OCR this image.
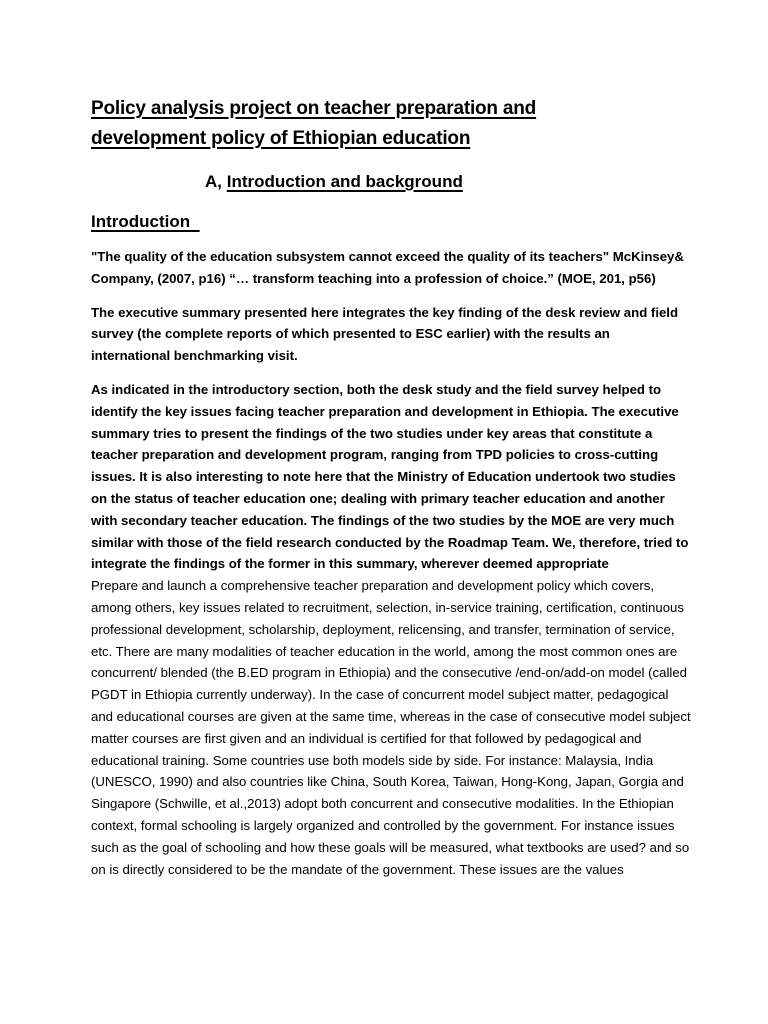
Policy analysis project on teacher preparation and
development policy of Ethiopian education
A, Introduction and background
Introduction

"The quality of the education subsystem cannot exceed the quality of its teachers" McKinsey& Company, (2007, p16) “… transform teaching into a profession of choice.” (MOE, 201, p56)

The executive summary presented here integrates the key finding of the desk review and field survey (the complete reports of which presented to ESC earlier) with the results an international benchmarking visit.

As indicated in the introductory section, both the desk study and the field survey helped to identify the key issues facing teacher preparation and development in Ethiopia. The executive summary tries to present the findings of the two studies under key areas that constitute a teacher preparation and development program, ranging from TPD policies to cross-cutting issues. It is also interesting to note here that the Ministry of Education undertook two studies on the status of teacher education one; dealing with primary teacher education and another with secondary teacher education. The findings of the two studies by the MOE are very much similar with those of the field research conducted by the Roadmap Team. We, therefore, tried to integrate the findings of the former in this summary, wherever deemed appropriate

Prepare and launch a comprehensive teacher preparation and development policy which covers, among others, key issues related to recruitment, selection, in-service training, certification, continuous professional development, scholarship, deployment, relicensing, and transfer, termination of service, etc. There are many modalities of teacher education in the world, among the most common ones are concurrent/ blended (the B.ED program in Ethiopia) and the consecutive /end-on/add-on model (called PGDT in Ethiopia currently underway). In the case of concurrent model subject matter, pedagogical and educational courses are given at the same time, whereas in the case of consecutive model subject matter courses are first given and an individual is certified for that followed by pedagogical and educational training. Some countries use both models side by side. For instance: Malaysia, India (UNESCO, 1990) and also countries like China, South Korea, Taiwan, Hong-Kong, Japan, Gorgia and Singapore (Schwille, et al.,2013) adopt both concurrent and consecutive modalities. In the Ethiopian context, formal schooling is largely organized and controlled by the government. For instance issues such as the goal of schooling and how these goals will be measured, what textbooks are used? and so on is directly considered to be the mandate of the government. These issues are the values
